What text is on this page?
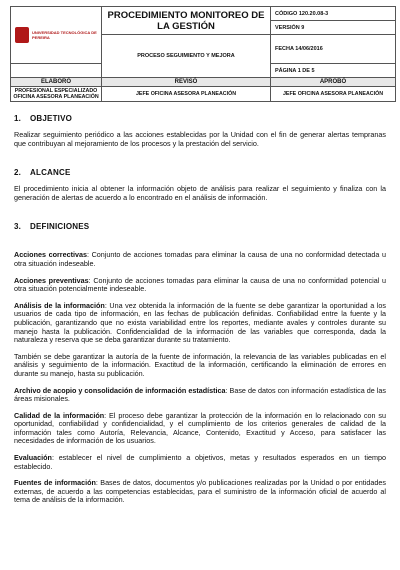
UNIVERSIDAD TECNOLÓGICA DE PEREIRA	PROCEDIMIENTO MONITOREO DE LA GESTIÓN	CÓDIGO 120.20.08-3
		VERSIÓN 9
	PROCESO SEGUIMIENTO Y MEJORA	FECHA 14/06/2016
		PÁGINA 1 DE 5
ELABORÓ	REVISÓ	APROBÓ
PROFESIONAL ESPECIALIZADO OFICINA ASESORA PLANEACIÓN	JEFE OFICINA ASESORA PLANEACIÓN	JEFE OFICINA ASESORA PLANEACIÓN

1. OBJETIVO

Realizar seguimiento periódico a las acciones establecidas por la Unidad con el fin de generar alertas tempranas que contribuyan al mejoramiento de los procesos y la prestación del servicio.

2. ALCANCE

El procedimiento inicia al obtener la información objeto de análisis para realizar el seguimiento y finaliza con la generación de alertas de acuerdo a lo encontrado en el análisis de información.

3. DEFINICIONES

Acciones correctivas: Conjunto de acciones tomadas para eliminar la causa de una no conformidad detectada u otra situación indeseable.

Acciones preventivas: Conjunto de acciones tomadas para eliminar la causa de una no conformidad potencial u otra situación potencialmente indeseable.

Análisis de la información: Una vez obtenida la información de la fuente se debe garantizar la oportunidad a los usuarios de cada tipo de información, en las fechas de publicación definidas. Confiabilidad entre la fuente y la publicación, garantizando que no exista variabilidad entre los reportes, mediante avales y controles durante su manejo hasta la publicación. Confidencialidad de la información de las variables que corresponda, dada la naturaleza y reserva que se deba garantizar durante su tratamiento.

También se debe garantizar la autoría de la fuente de información, la relevancia de las variables publicadas en el análisis y seguimiento de la información. Exactitud de la información, certificando la eliminación de errores en durante su manejo, hasta su publicación.

Archivo de acopio y consolidación de información estadística: Base de datos con información estadística de las áreas misionales.

Calidad de la información: El proceso debe garantizar la protección de la información en lo relacionado con su oportunidad, confiabilidad y confidencialidad, y el cumplimiento de los criterios generales de calidad de la información tales como Autoría, Relevancia, Alcance, Contenido, Exactitud y Acceso, para satisfacer las necesidades de información de los usuarios.

Evaluación: establecer el nivel de cumplimiento a objetivos, metas y resultados esperados en un tiempo establecido.

Fuentes de información: Bases de datos, documentos y/o publicaciones realizadas por la Unidad o por entidades externas, de acuerdo a las competencias establecidas, para el suministro de la información oficial de acuerdo al tema de análisis de la información.
